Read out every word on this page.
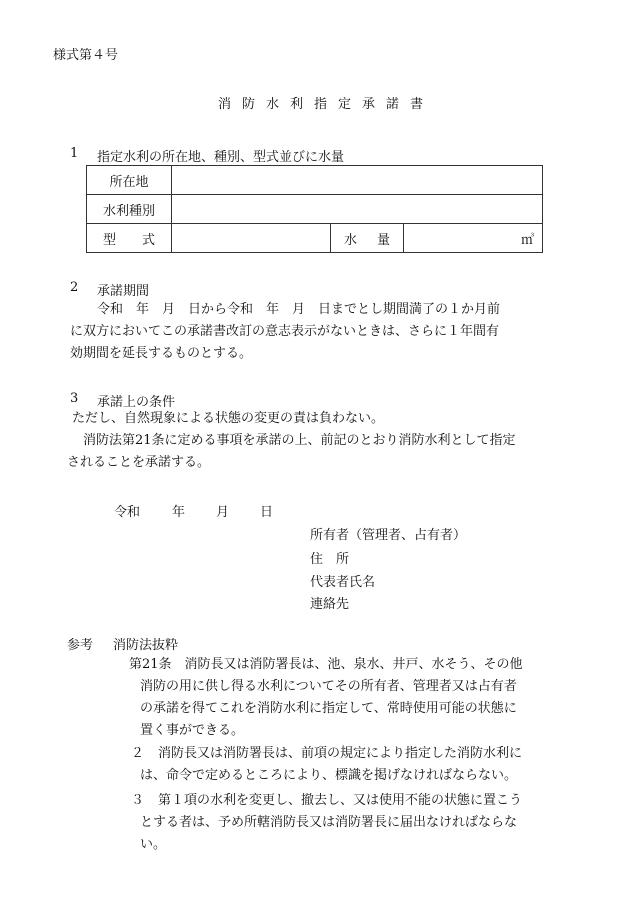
様式第４号
消 防 水 利 指 定 承 諾 書
1 指定水利の所在地、種別、型式並びに水量
所在地			
水利種別			
型 式		水 量	㎥
2 承諾期間
令和　年　月　日から令和　年　月　日までとし期間満了の１か月前
に双方においてこの承諾書改訂の意志表示がないときは、さらに１年間有
効期間を延長するものとする。
3 承諾上の条件
ただし、自然現象による状態の変更の責は負わない。
消防法第21条に定める事項を承諾の上、前記のとおり消防水利として指定
されることを承諾する。
令和 年 月 日
所有者（管理者、占有者）
住　所
代表者氏名
連絡先
参考 消防法抜粋
第21条　消防長又は消防署長は、池、泉水、井戸、水そう、その他
消防の用に供し得る水利についてその所有者、管理者又は占有者
の承諾を得てこれを消防水利に指定して、常時使用可能の状態に
置く事ができる。
２ 消防長又は消防署長は、前項の規定により指定した消防水利に
は、命令で定めるところにより、標識を掲げなければならない。
３ 第１項の水利を変更し、撤去し、又は使用不能の状態に置こう
とする者は、予め所轄消防長又は消防署長に届出なければならな
い。
